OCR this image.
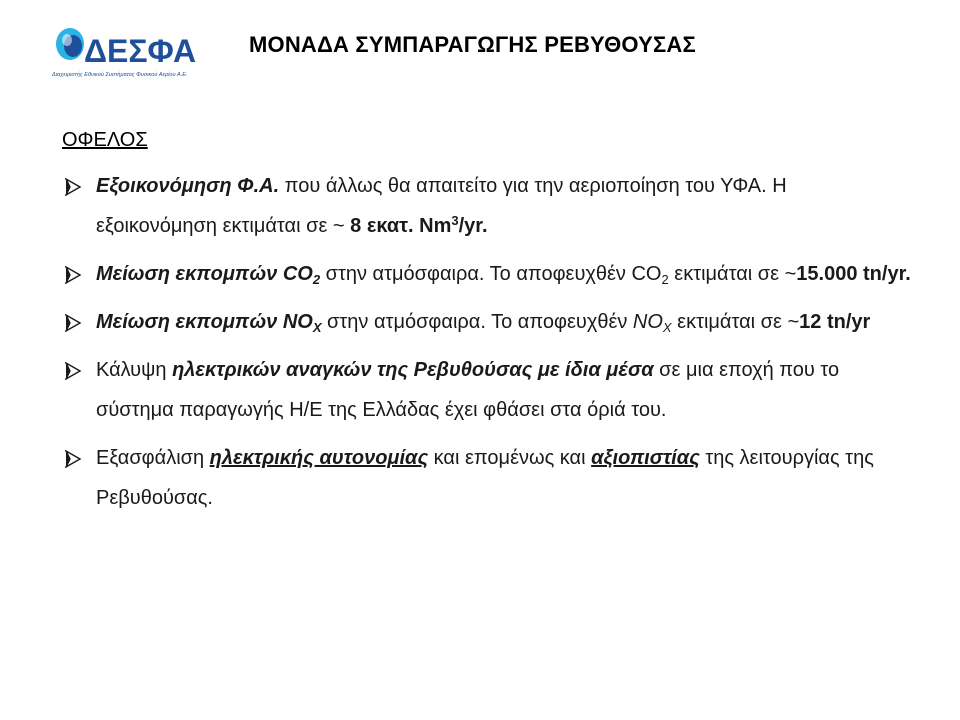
ΔΕΣΦΑ
Διαχειριστής Εθνικού Συστήματος Φυσικού Αερίου Α.Ε.
ΜΟΝΑΔΑ ΣΥΜΠΑΡΑΓΩΓΗΣ ΡΕΒΥΘΟΥΣΑΣ
ΟΦΕΛΟΣ
Εξοικονόμηση Φ.Α. που άλλως θα απαιτείτο για την αεριοποίηση του ΥΦΑ. Η εξοικονόμηση εκτιμάται σε ~ 8 εκατ. Nm$^3$/yr.
Μείωση εκπομπών $CO_2$ στην ατμόσφαιρα. Το αποφευχθέν $CO_2$ εκτιμάται σε ~15.000 tn/yr.
Μείωση εκπομπών $NO_X$ στην ατμόσφαιρα. Το αποφευχθέν $NO_X$ εκτιμάται σε ~12 tn/yr
Κάλυψη ηλεκτρικών αναγκών της Ρεβυθούσας με ίδια μέσα σε μια εποχή που το σύστημα παραγωγής Η/Ε της Ελλάδας έχει φθάσει στα όριά του.
Εξασφάλιση ηλεκτρικής αυτονομίας και επομένως και αξιοπιστίας της λειτουργίας της Ρεβυθούσας.
